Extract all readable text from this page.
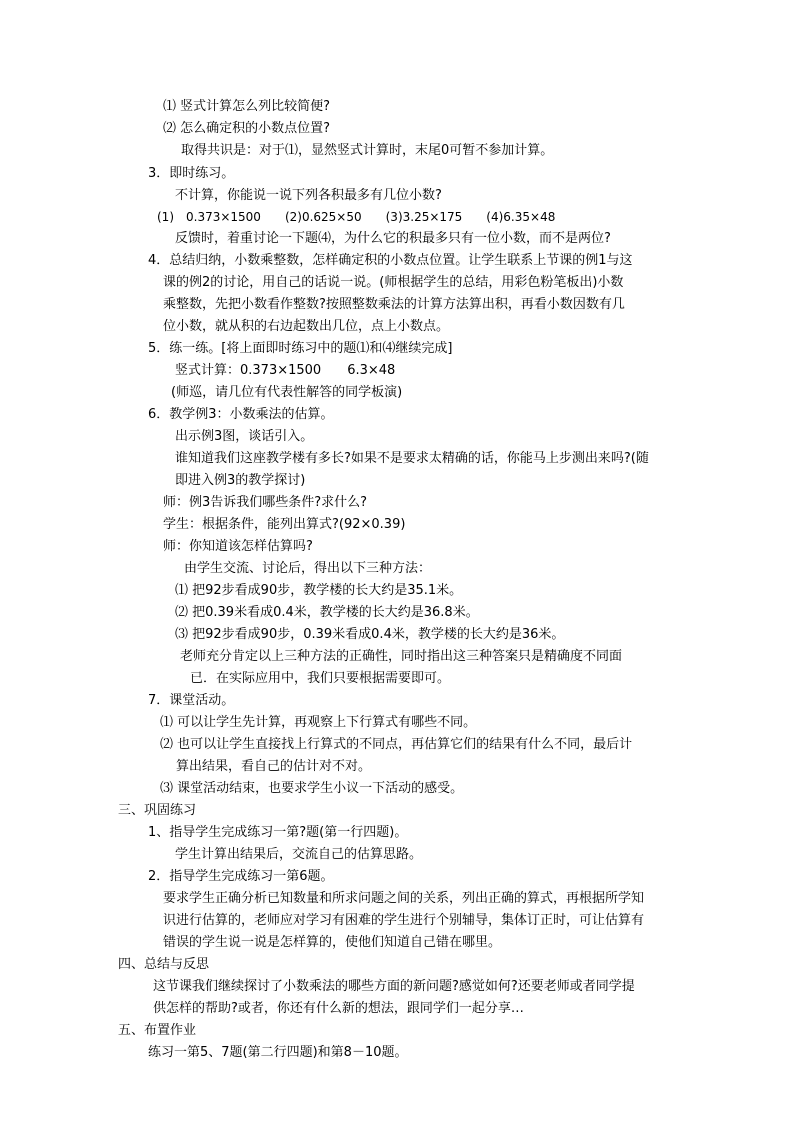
⑴ 竖式计算怎么列比较简便?
⑵ 怎么确定积的小数点位置?
取得共识是：对于⑴，显然竖式计算时，末尾0可暂不参加计算。
3．即时练习。
不计算，你能说一说下列各积最多有几位小数?
(1)　0.373×1500　　(2)0.625×50　　(3)3.25×175　　(4)6.35×48
反馈时，着重讨论一下题⑷，为什么它的积最多只有一位小数，而不是两位?
4．总结归纳，小数乘整数，怎样确定积的小数点位置。让学生联系上节课的例1与这
课的例2的讨论，用自己的话说一说。(师根据学生的总结，用彩色粉笔板出)小数
乘整数，先把小数看作整数?按照整数乘法的计算方法算出积，再看小数因数有几
位小数，就从积的右边起数出几位，点上小数点。
5．练一练。[将上面即时练习中的题⑴和⑷继续完成]
竖式计算：0.373×1500　　6.3×48
(师巡，请几位有代表性解答的同学板演)
6．教学例3：小数乘法的估算。
出示例3图，谈话引入。
谁知道我们这座教学楼有多长?如果不是要求太精确的话，你能马上步测出来吗?(随
即进入例3的教学探讨)
师：例3告诉我们哪些条件?求什么?
学生：根据条件，能列出算式?(92×0.39)
师：你知道该怎样估算吗?
由学生交流、讨论后，得出以下三种方法：
⑴ 把92步看成90步，教学楼的长大约是35.1米。
⑵ 把0.39米看成0.4米，教学楼的长大约是36.8米。
⑶ 把92步看成90步，0.39米看成0.4米，教学楼的长大约是36米。
老师充分肯定以上三种方法的正确性，同时指出这三种答案只是精确度不同面
已．在实际应用中，我们只要根据需要即可。
7．课堂活动。
⑴ 可以让学生先计算，再观察上下行算式有哪些不同。
⑵ 也可以让学生直接找上行算式的不同点，再估算它们的结果有什么不同，最后计
算出结果，看自己的估计对不对。
⑶ 课堂活动结束，也要求学生小议一下活动的感受。
三、巩固练习
1、指导学生完成练习一第?题(第一行四题)。
学生计算出结果后，交流自己的估算思路。
2．指导学生完成练习一第6题。
要求学生正确分析已知数量和所求问题之间的关系，列出正确的算式，再根据所学知
识进行估算的，老师应对学习有困难的学生进行个别辅导，集体订正时，可让估算有
错误的学生说一说是怎样算的，使他们知道自己错在哪里。
四、总结与反思
这节课我们继续探讨了小数乘法的哪些方面的新问题?感觉如何?还要老师或者同学提
供怎样的帮助?或者，你还有什么新的想法，跟同学们一起分享…
五、布置作业
练习一第5、7题(第二行四题)和第8－10题。
